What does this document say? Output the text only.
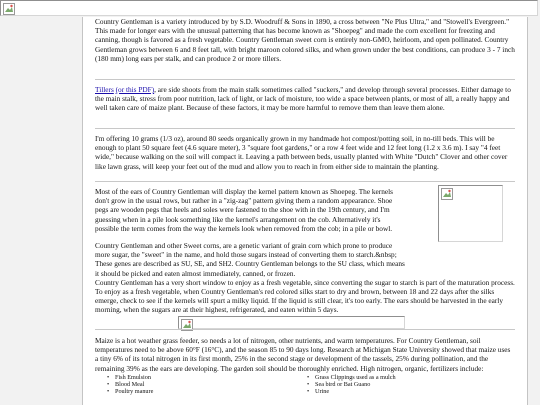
Country Gentleman is a variety introduced by by S.D. Woodruff & Sons in 1890, a cross between "Ne Plus Ultra," and "Stowell's Evergreen." This made for longer ears with the unusual patterning that has become known as "Shoepeg" and made the corn excellent for freezing and canning, though is favored as a fresh vegetable. Country Gentleman sweet corn is entirely non-GMO, heirloom, and open pollinated. Country Gentleman grows between 6 and 8 feet tall, with bright maroon colored silks, and when grown under the best conditions, can produce 3 - 7 inch (180 mm) long ears per stalk, and can produce 2 or more tillers.

Tillers (or this PDF), are side shoots from the main stalk sometimes called "suckers," and develop through several processes. Either damage to the main stalk, stress from poor nutrition, lack of light, or lack of moisture, too wide a space between plants, or most of all, a really happy and well taken care of maize plant. Because of these factors, it may be more harmful to remove them than leave them alone.

I'm offering 10 grams (1/3 oz), around 80 seeds organically grown in my handmade hot compost/potting soil, in no-till beds. This will be enough to plant 50 square feet (4.6 square meter), 3 "square foot gardens," or a row 4 feet wide and 12 feet long (1.2 x 3.6 m). I say "4 feet wide," because walking on the soil will compact it. Leaving a path between beds, usually planted with White "Dutch" Clover and other cover like lawn grass, will keep your feet out of the mud and allow you to reach in from either side to maintain the planting.

Most of the ears of Country Gentleman will display the kernel pattern known as Shoepeg. The kernels don't grow in the usual rows, but rather in a "zig-zag" pattern giving them a random appearance. Shoe pegs are wooden pegs that heels and soles were fastened to the shoe with in the 19th century, and I'm guessing when in a pile look something like the kernel's arrangement on the cob. Alternatively it's possible the term comes from the way the kernels look when removed from the cob; in a pile or bowl.

Country Gentleman and other Sweet corns, are a genetic variant of grain corn which prone to produce more sugar, the "sweet" in the name, and hold those sugars instead of converting them to starch.&nbsp; These genes are described as SU, SE, and SH2. Country Gentleman belongs to the SU class, which means it should be picked and eaten almost immediately, canned, or frozen.

Country Gentleman has a very short window to enjoy as a fresh vegetable, since converting the sugar to starch is part of the maturation process. To enjoy as a fresh vegetable, when Country Gentleman's red colored silks start to dry and brown, between 18 and 22 days after the silks emerge, check to see if the kernels will spurt a milky liquid. If the liquid is still clear, it's too early. The ears should be harvested in the early morning, when the sugars are at their highest, refrigerated, and eaten within 5 days.

Maize is a hot weather grass feeder, so needs a lot of nitrogen, other nutrients, and warm temperatures. For Country Gentleman, soil temperatures need to be above 60°F (16°C), and the season 85 to 90 days long. Research at Michigan State University showed that maize uses a tiny 6% of its total nitrogen in its first month, 25% in the second stage or development of the tassels, 25% during pollination, and the remaining 39% as the ears are developing. The garden soil should be thoroughly enriched. High nitrogen, organic, fertilizers include:

• Fish Emulsion
• Blood Meal
• Poultry manure
• Grass Clippings used as a mulch
• Sea bird or Bat Guano
• Urine
